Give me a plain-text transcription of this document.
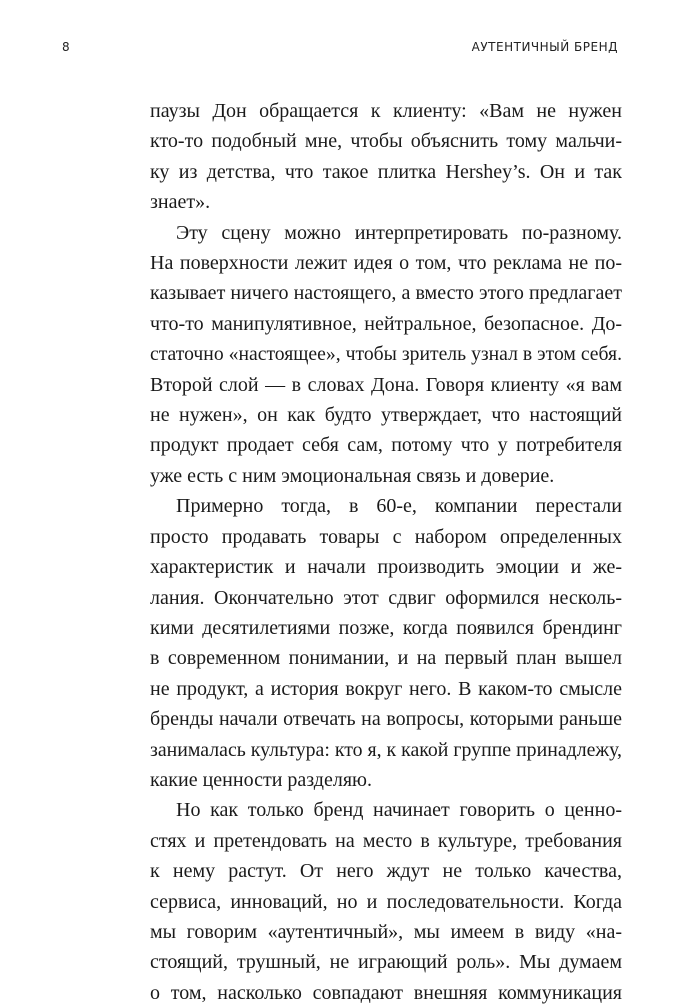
8	АУТЕНТИЧНЫЙ БРЕНД

паузы Дон обращается к клиенту: «Вам не нужен
кто-то подобный мне, чтобы объяснить тому мальчи-
ку из детства, что такое плитка Hershey’s. Он и так
знает».

Эту сцену можно интерпретировать по-разному.
На поверхности лежит идея о том, что реклама не по-
казывает ничего настоящего, а вместо этого предлагает
что-то манипулятивное, нейтральное, безопасное. До-
статочно «настоящее», чтобы зритель узнал в этом себя.
Второй слой — в словах Дона. Говоря клиенту «я вам
не нужен», он как будто утверждает, что настоящий
продукт продает себя сам, потому что у потребителя
уже есть с ним эмоциональная связь и доверие.

Примерно тогда, в 60-е, компании перестали
просто продавать товары с набором определенных
характеристик и начали производить эмоции и же-
лания. Окончательно этот сдвиг оформился несколь-
кими десятилетиями позже, когда появился брендинг
в современном понимании, и на первый план вышел
не продукт, а история вокруг него. В каком-то смысле
бренды начали отвечать на вопросы, которыми раньше
занималась культура: кто я, к какой группе принадлежу,
какие ценности разделяю.

Но как только бренд начинает говорить о ценно-
стях и претендовать на место в культуре, требования
к нему растут. От него ждут не только качества,
сервиса, инноваций, но и последовательности. Когда
мы говорим «аутентичный», мы имеем в виду «на-
стоящий, трушный, не играющий роль». Мы думаем
о том, насколько совпадают внешняя коммуникация
